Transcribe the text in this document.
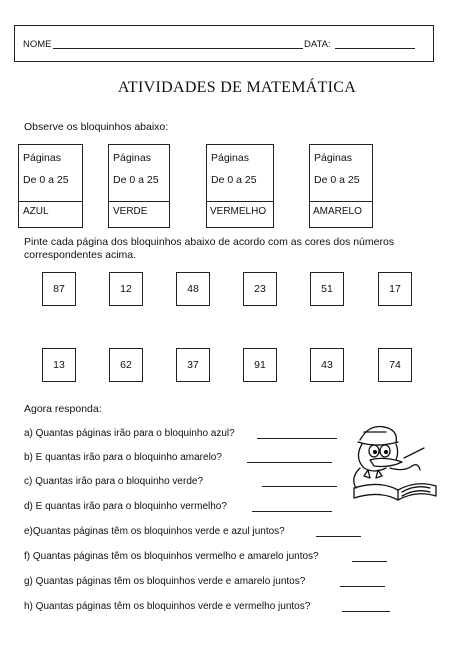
NOME	DATA:
ATIVIDADES DE MATEMÁTICA
Observe os bloquinhos abaixo:
Páginas
De 0 a 25
AZUL
Páginas
De 0 a 25
VERDE
Páginas
De 0 a 25
VERMELHO
Páginas
De 0 a 25
AMARELO
Pinte cada página dos bloquinhos abaixo de acordo com as cores dos números
correspondentes acima.
87	12	48	23	51	17
13	62	37	91	43	74
Agora responda:
a) Quantas páginas irão para o bloquinho azul?
b) E quantas irão para o bloquinho amarelo?
c) Quantas irão para o bloquinho verde?
d) E quantas irão para o bloquinho vermelho?
e)Quantas páginas têm os bloquinhos verde e azul juntos?
f) Quantas páginas têm os bloquinhos vermelho e amarelo juntos?
g) Quantas páginas têm os bloquinhos verde e amarelo juntos?
h) Quantas páginas têm os bloquinhos verde e vermelho juntos?
